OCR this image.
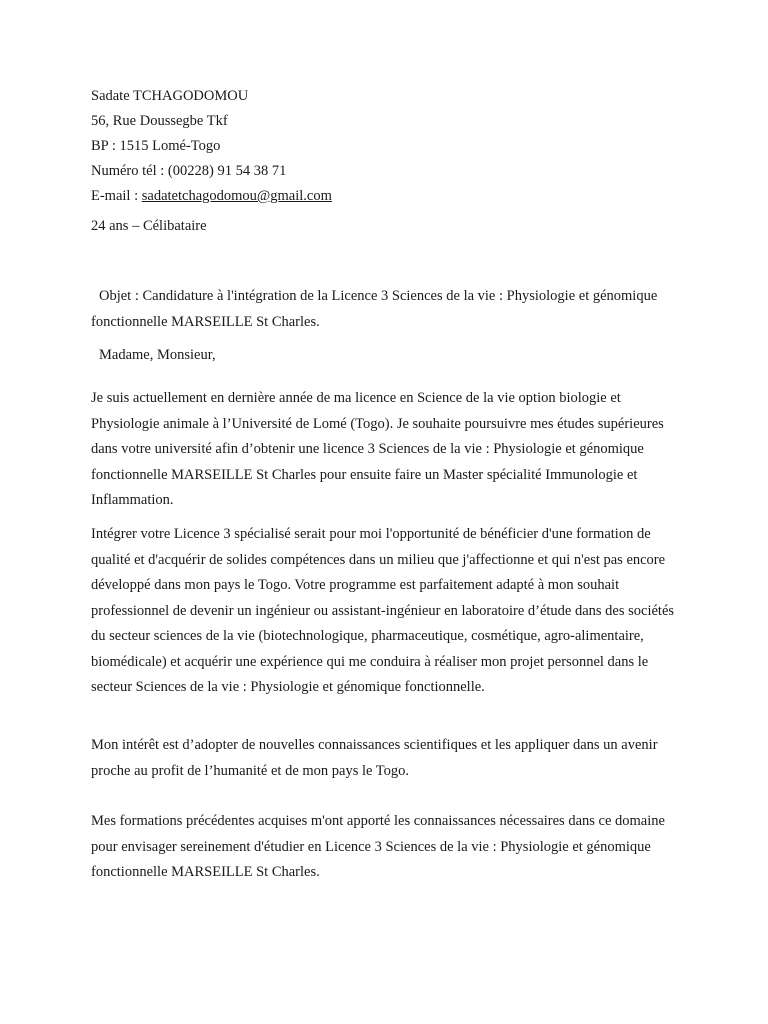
Sadate TCHAGODOMOU
56, Rue Doussegbe Tkf
BP : 1515 Lomé-Togo
Numéro tél : (00228) 91 54 38 71
E-mail : sadatetchagodomou@gmail.com
24 ans – Célibataire

Objet : Candidature à l'intégration de la Licence 3 Sciences de la vie : Physiologie et génomique fonctionnelle MARSEILLE St Charles.

Madame, Monsieur,

Je suis actuellement en dernière année de ma licence en Science de la vie option biologie et Physiologie animale à l’Université de Lomé (Togo). Je souhaite poursuivre mes études supérieures dans votre université afin d’obtenir une licence 3 Sciences de la vie : Physiologie et génomique fonctionnelle MARSEILLE St Charles pour ensuite faire un Master spécialité Immunologie et Inflammation.

Intégrer votre Licence 3 spécialisé serait pour moi l'opportunité de bénéficier d'une formation de qualité et d'acquérir de solides compétences dans un milieu que j'affectionne et qui n'est pas encore développé dans mon pays le Togo. Votre programme est parfaitement adapté à mon souhait professionnel de devenir un ingénieur ou assistant-ingénieur en laboratoire d’étude dans des sociétés du secteur sciences de la vie (biotechnologique, pharmaceutique, cosmétique, agro-alimentaire, biomédicale) et acquérir une expérience qui me conduira à réaliser mon projet personnel dans le secteur Sciences de la vie : Physiologie et génomique fonctionnelle.

Mon intérêt est d’adopter de nouvelles connaissances scientifiques et les appliquer dans un avenir proche au profit de l’humanité et de mon pays le Togo.

Mes formations précédentes acquises m'ont apporté les connaissances nécessaires dans ce domaine pour envisager sereinement d'étudier en Licence 3 Sciences de la vie : Physiologie et génomique fonctionnelle MARSEILLE St Charles.
